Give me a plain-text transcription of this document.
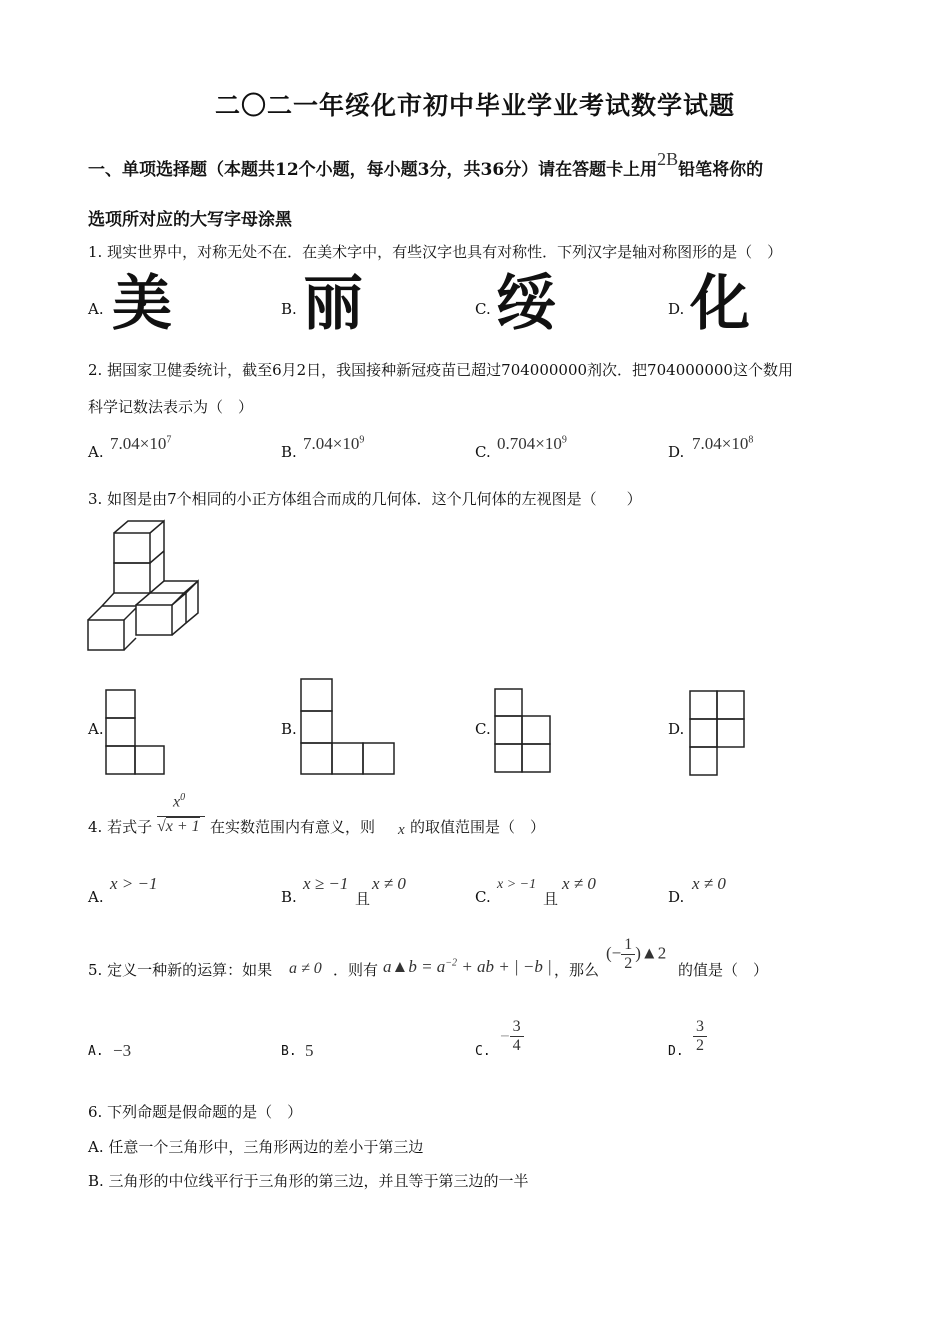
二〇二一年绥化市初中毕业学业考试数学试题
一、单项选择题（本题共12个小题，每小题3分，共36分）请在答题卡上用2B铅笔将你的
选项所对应的大写字母涂黑
1. 现实世界中，对称无处不在．在美术字中，有些汉字也具有对称性．下列汉字是轴对称图形的是（　）
A. 美	B. 丽	C. 绥	D. 化
2. 据国家卫健委统计，截至6月2日，我国接种新冠疫苗已超过704000000剂次．把704000000这个数用
科学记数法表示为（　）
A. $7.04\times 10^7$
B. $7.04\times 10^9$
C. $0.704\times 10^9$
D. $7.04\times 10^8$
3. 如图是由7个相同的小正方体组合而成的几何体．这个几何体的左视图是（　　）
A.	B.	C.	D.
4. 若式子
$x^0$
√x + 1 在实数范围内有意义，则 x 的取值范围是（　）
A.
x > −1
B.
x ≥ −1
且
x ≠ 0
C.
x > −1
且
x ≠ 0
D.
x ≠ 0
5. 定义一种新的运算：如果 a ≠ 0 ．则有 a▲b = $a^{-2}$ + ab + | −b | ，那么
(− $\frac{1}{2}$ )▲2
的值是（　）
A. −3	B. 5	C.
− $\frac{3}{4}$	D. $\frac{3}{2}$
6. 下列命题是假命题的是（　）
A. 任意一个三角形中，三角形两边的差小于第三边
B. 三角形的中位线平行于三角形的第三边，并且等于第三边的一半
